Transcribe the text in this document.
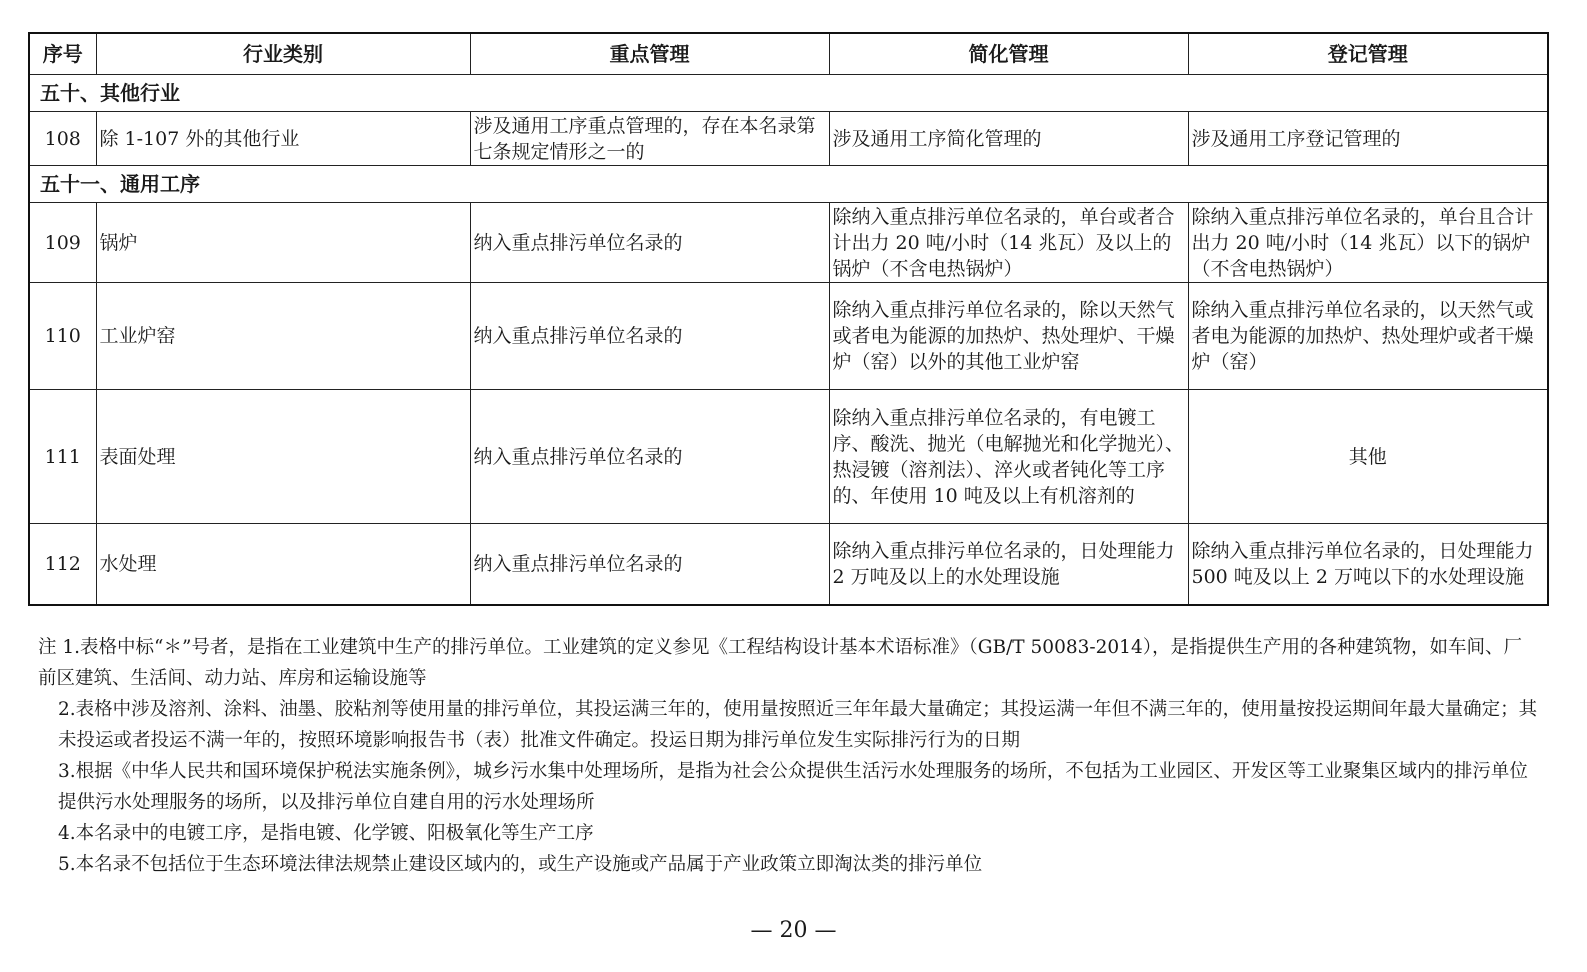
序号	行业类别	重点管理	简化管理	登记管理
五十、其他行业				
108	除 1-107 外的其他行业	涉及通用工序重点管理的，存在本名录第七条规定情形之一的	涉及通用工序简化管理的	涉及通用工序登记管理的
五十一、通用工序				
109	锅炉	纳入重点排污单位名录的	除纳入重点排污单位名录的，单台或者合计出力 20 吨/小时（14 兆瓦）及以上的锅炉（不含电热锅炉）	除纳入重点排污单位名录的，单台且合计出力 20 吨/小时（14 兆瓦）以下的锅炉（不含电热锅炉）
110	工业炉窑	纳入重点排污单位名录的	除纳入重点排污单位名录的，除以天然气或者电为能源的加热炉、热处理炉、干燥炉（窑）以外的其他工业炉窑	除纳入重点排污单位名录的，以天然气或者电为能源的加热炉、热处理炉或者干燥炉（窑）
111	表面处理	纳入重点排污单位名录的	除纳入重点排污单位名录的，有电镀工序、酸洗、抛光（电解抛光和化学抛光）、热浸镀（溶剂法）、淬火或者钝化等工序的、年使用 10 吨及以上有机溶剂的	其他
112	水处理	纳入重点排污单位名录的	除纳入重点排污单位名录的，日处理能力 2 万吨及以上的水处理设施	除纳入重点排污单位名录的，日处理能力 500 吨及以上 2 万吨以下的水处理设施

注 1.表格中标“＊”号者，是指在工业建筑中生产的排污单位。工业建筑的定义参见《工程结构设计基本术语标准》（GB/T 50083-2014），是指提供生产用的各种建筑物，如车间、厂前区建筑、生活间、动力站、库房和运输设施等

2.表格中涉及溶剂、涂料、油墨、胶粘剂等使用量的排污单位，其投运满三年的，使用量按照近三年年最大量确定；其投运满一年但不满三年的，使用量按投运期间年最大量确定；其未投运或者投运不满一年的，按照环境影响报告书（表）批准文件确定。投运日期为排污单位发生实际排污行为的日期

3.根据《中华人民共和国环境保护税法实施条例》，城乡污水集中处理场所，是指为社会公众提供生活污水处理服务的场所，不包括为工业园区、开发区等工业聚集区域内的排污单位提供污水处理服务的场所，以及排污单位自建自用的污水处理场所

4.本名录中的电镀工序，是指电镀、化学镀、阳极氧化等生产工序

5.本名录不包括位于生态环境法律法规禁止建设区域内的，或生产设施或产品属于产业政策立即淘汰类的排污单位

— 20 —
